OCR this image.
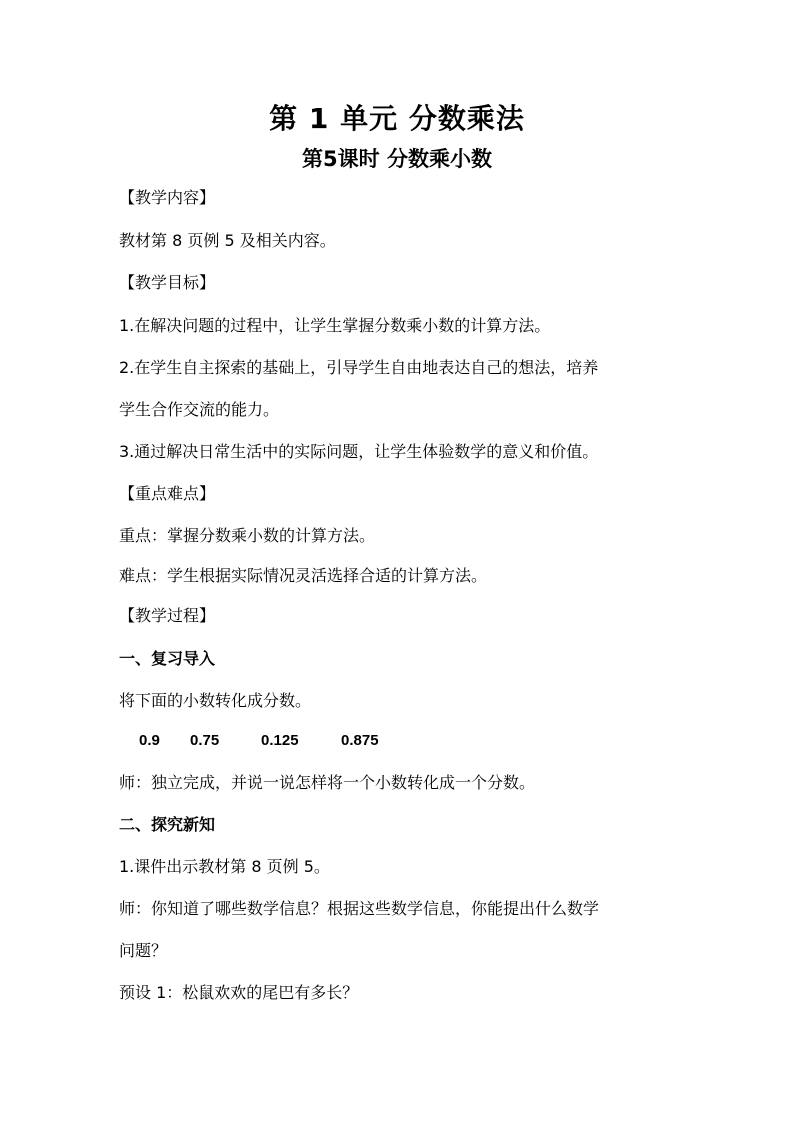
第 1 单元 分数乘法
第5课时 分数乘小数
【教学内容】
教材第 8 页例 5 及相关内容。
【教学目标】
1.在解决问题的过程中，让学生掌握分数乘小数的计算方法。
2.在学生自主探索的基础上，引导学生自由地表达自己的想法，培养
学生合作交流的能力。
3.通过解决日常生活中的实际问题，让学生体验数学的意义和价值。
【重点难点】
重点：掌握分数乘小数的计算方法。
难点：学生根据实际情况灵活选择合适的计算方法。
【教学过程】
一、复习导入
将下面的小数转化成分数。
0.9 0.75	0.125	0.875
师：独立完成，并说一说怎样将一个小数转化成一个分数。
二、探究新知
1.课件出示教材第 8 页例 5。
师：你知道了哪些数学信息？根据这些数学信息，你能提出什么数学
问题？
预设 1：松鼠欢欢的尾巴有多长？
